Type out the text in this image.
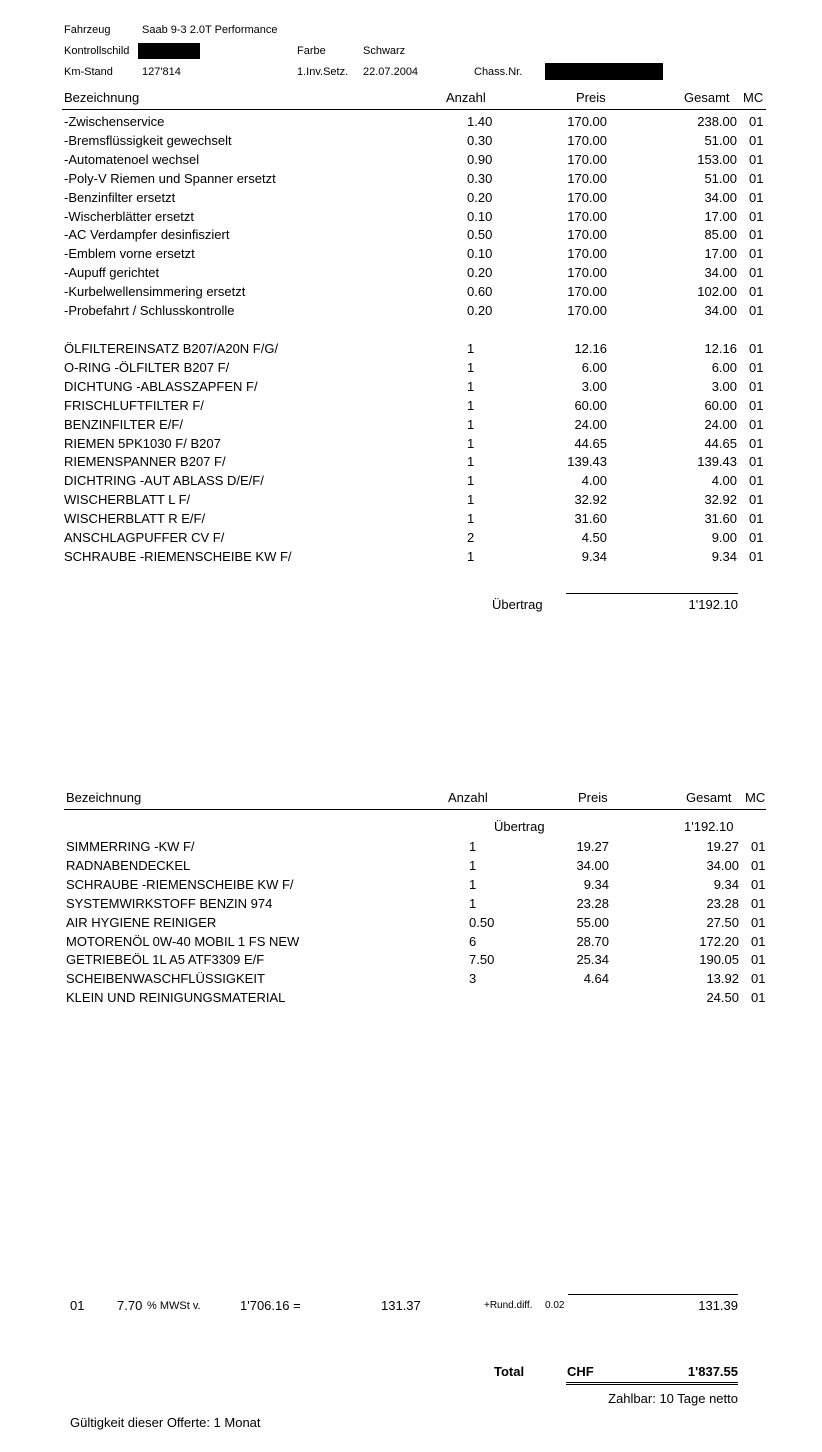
Fahrzeug	Saab 9-3 2.0T Performance
Kontrollschild	Farbe	Schwarz
Km-Stand	127'814	1.Inv.Setz. 22.07.2004	Chass.Nr.
Bezeichnung	Anzahl	Preis	Gesamt MC
-Zwischenservice	1.40	170.00	238.00 01
-Bremsflüssigkeit gewechselt	0.30	170.00	51.00 01
-Automatenoel wechsel	0.90	170.00	153.00 01
-Poly-V Riemen und Spanner ersetzt	0.30	170.00	51.00 01
-Benzinfilter ersetzt	0.20	170.00	34.00 01
-Wischerblätter ersetzt	0.10	170.00	17.00 01
-AC Verdampfer desinfisziert	0.50	170.00	85.00 01
-Emblem vorne ersetzt	0.10	170.00	17.00 01
-Aupuff gerichtet	0.20	170.00	34.00 01
-Kurbelwellensimmering ersetzt	0.60	170.00	102.00 01
-Probefahrt / Schlusskontrolle	0.20	170.00	34.00 01
ÖLFILTEREINSATZ B207/A20N F/G/	1	12.16	12.16 01
O-RING -ÖLFILTER B207 F/	1	6.00	6.00 01
DICHTUNG -ABLASSZAPFEN F/	1	3.00	3.00 01
FRISCHLUFTFILTER F/	1	60.00	60.00 01
BENZINFILTER E/F/	1	24.00	24.00 01
RIEMEN 5PK1030 F/ B207	1	44.65	44.65 01
RIEMENSPANNER B207 F/	1	139.43	139.43 01
DICHTRING -AUT ABLASS D/E/F/	1	4.00	4.00 01
WISCHERBLATT L F/	1	32.92	32.92 01
WISCHERBLATT R E/F/	1	31.60	31.60 01
ANSCHLAGPUFFER CV F/	2	4.50	9.00 01
SCHRAUBE -RIEMENSCHEIBE KW F/	1	9.34	9.34 01
Übertrag	1'192.10
Bezeichnung	Anzahl	Preis	Gesamt MC
Übertrag	1'192.10
SIMMERRING -KW F/	1	19.27	19.27 01
RADNABENDECKEL	1	34.00	34.00 01
SCHRAUBE -RIEMENSCHEIBE KW F/	1	9.34	9.34 01
SYSTEMWIRKSTOFF BENZIN 974	1	23.28	23.28 01
AIR HYGIENE REINIGER	0.50	55.00	27.50 01
MOTORENÖL 0W-40 MOBIL 1 FS NEW	6	28.70	172.20 01
GETRIEBEÖL 1L A5 ATF3309 E/F	7.50	25.34	190.05 01
SCHEIBENWASCHFLÜSSIGKEIT	3	4.64	13.92 01
KLEIN UND REINIGUNGSMATERIAL	24.50 01
01	7.70 % MWSt v.	1'706.16 =	131.37	+Rund.diff. 0.02	131.39
Total	CHF	1'837.55
Zahlbar: 10 Tage netto
Gültigkeit dieser Offerte: 1 Monat
